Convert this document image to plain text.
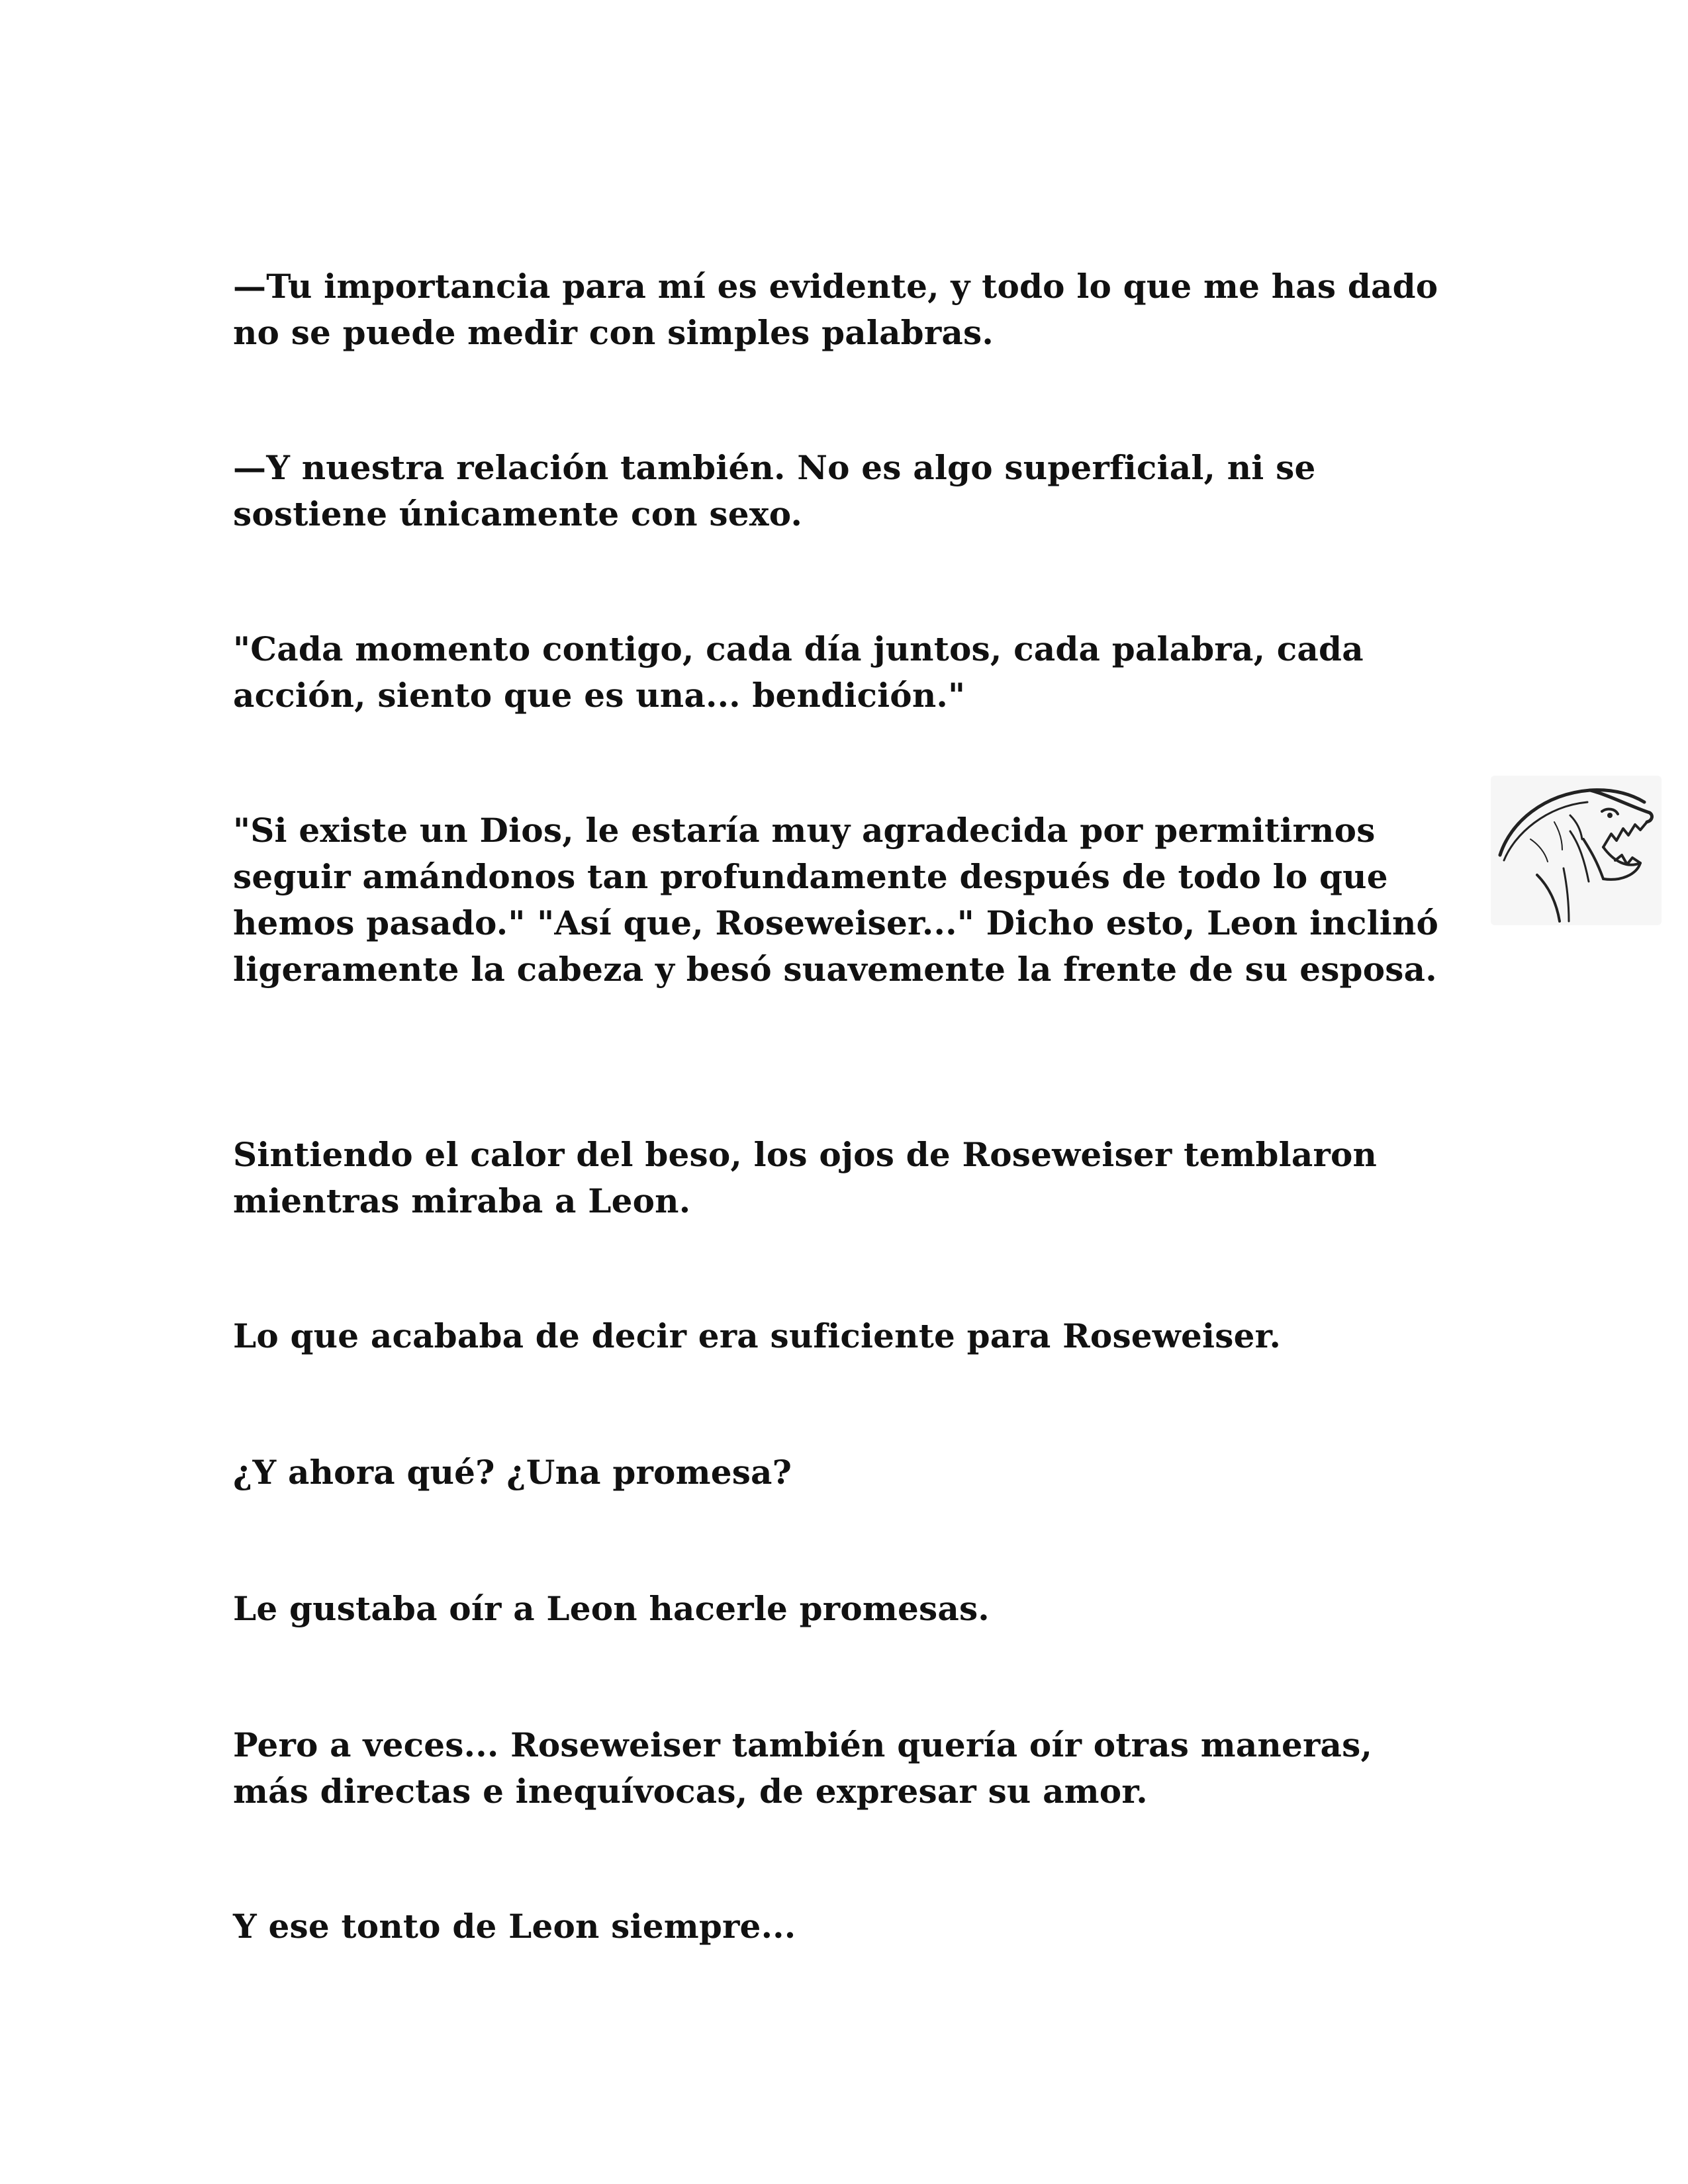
—Tu importancia para mí es evidente, y todo lo que me has dado no se puede medir con simples palabras.

—Y nuestra relación también. No es algo superficial, ni se sostiene únicamente con sexo.

"Cada momento contigo, cada día juntos, cada palabra, cada acción, siento que es una... bendición."

"Si existe un Dios, le estaría muy agradecida por permitirnos seguir amándonos tan profundamente después de todo lo que hemos pasado." "Así que, Roseweiser..." Dicho esto, Leon inclinó ligeramente la cabeza y besó suavemente la frente de su esposa.

Sintiendo el calor del beso, los ojos de Roseweiser temblaron mientras miraba a Leon.

Lo que acababa de decir era suficiente para Roseweiser.

¿Y ahora qué? ¿Una promesa?

Le gustaba oír a Leon hacerle promesas.

Pero a veces... Roseweiser también quería oír otras maneras, más directas e inequívocas, de expresar su amor.

Y ese tonto de Leon siempre...
